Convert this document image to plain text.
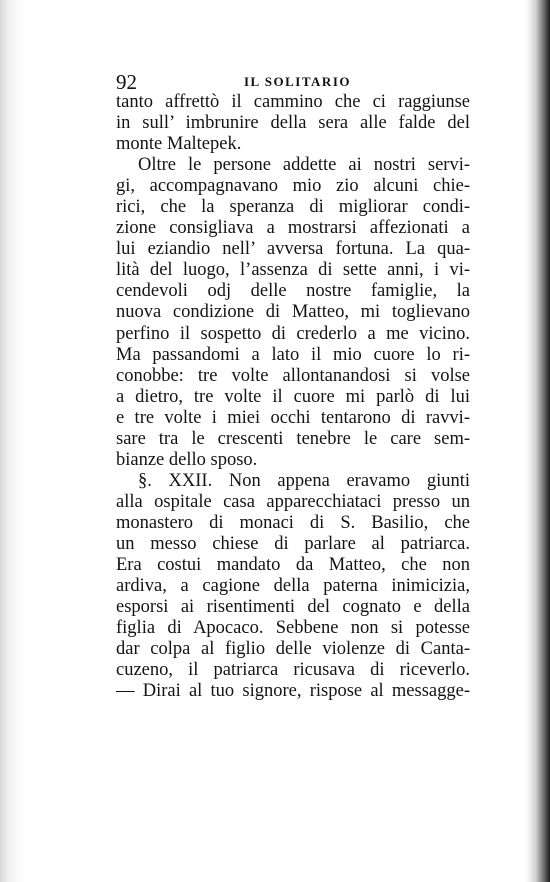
92	IL SOLITARIO
tanto affrettò il cammino che ci raggiunse
in sull’ imbrunire della sera alle falde del
monte Maltepek.
Oltre le persone addette ai nostri servi-
gi, accompagnavano mio zio alcuni chie-
rici, che la speranza di migliorar condi-
zione consigliava a mostrarsi affezionati a
lui eziandio nell’ avversa fortuna. La qua-
lità del luogo, l’assenza di sette anni, i vi-
cendevoli odj delle nostre famiglie, la
nuova condizione di Matteo, mi toglievano
perfino il sospetto di crederlo a me vicino.
Ma passandomi a lato il mio cuore lo ri-
conobbe: tre volte allontanandosi si volse
a dietro, tre volte il cuore mi parlò di lui
e tre volte i miei occhi tentarono di ravvi-
sare tra le crescenti tenebre le care sem-
bianze dello sposo.
§. XXII. Non appena eravamo giunti
alla ospitale casa apparecchiataci presso un
monastero di monaci di S. Basilio, che
un messo chiese di parlare al patriarca.
Era costui mandato da Matteo, che non
ardiva, a cagione della paterna inimicizia,
esporsi ai risentimenti del cognato e della
figlia di Apocaco. Sebbene non si potesse
dar colpa al figlio delle violenze di Canta-
cuzeno, il patriarca ricusava di riceverlo.
— Dirai al tuo signore, rispose al messagge-
